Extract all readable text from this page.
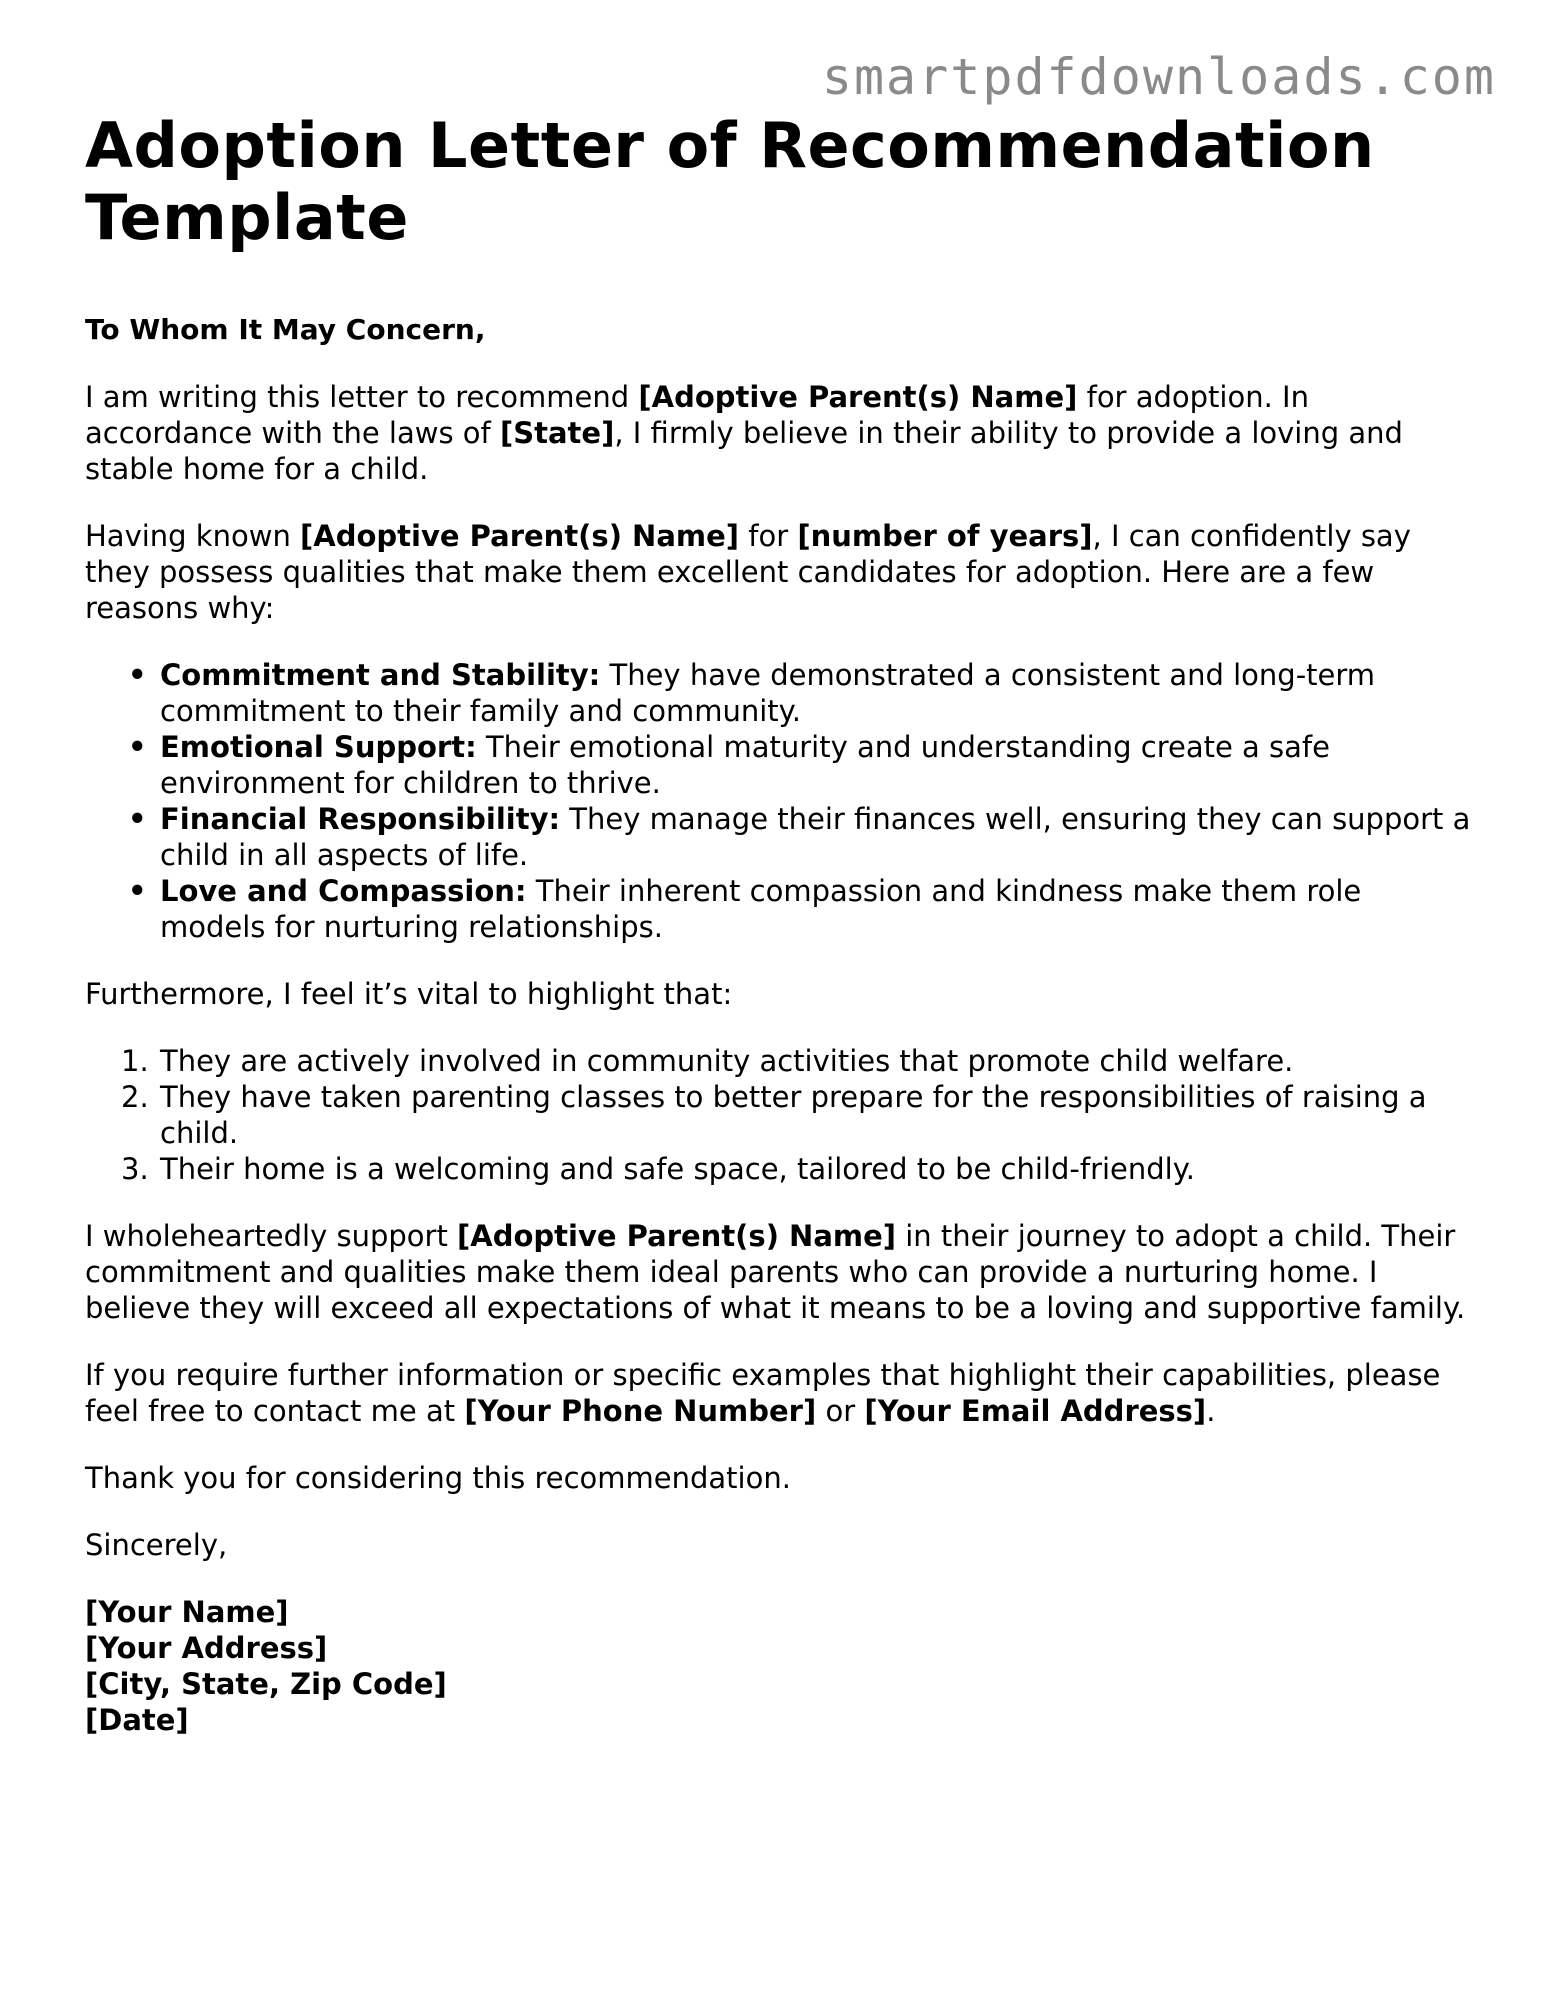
smartpdfdownloads.com
Adoption Letter of Recommendation Template

To Whom It May Concern,

I am writing this letter to recommend [Adoptive Parent(s) Name] for adoption. In accordance with the laws of [State], I firmly believe in their ability to provide a loving and stable home for a child.

Having known [Adoptive Parent(s) Name] for [number of years], I can confidently say they possess qualities that make them excellent candidates for adoption. Here are a few reasons why:

• Commitment and Stability: They have demonstrated a consistent and long-term commitment to their family and community.
• Emotional Support: Their emotional maturity and understanding create a safe environment for children to thrive.
• Financial Responsibility: They manage their finances well, ensuring they can support a child in all aspects of life.
• Love and Compassion: Their inherent compassion and kindness make them role models for nurturing relationships.

Furthermore, I feel it’s vital to highlight that:

1. They are actively involved in community activities that promote child welfare.
2. They have taken parenting classes to better prepare for the responsibilities of raising a child.
3. Their home is a welcoming and safe space, tailored to be child-friendly.

I wholeheartedly support [Adoptive Parent(s) Name] in their journey to adopt a child. Their commitment and qualities make them ideal parents who can provide a nurturing home. I believe they will exceed all expectations of what it means to be a loving and supportive family.

If you require further information or specific examples that highlight their capabilities, please feel free to contact me at [Your Phone Number] or [Your Email Address].

Thank you for considering this recommendation.

Sincerely,

[Your Name]
[Your Address]
[City, State, Zip Code]
[Date]
